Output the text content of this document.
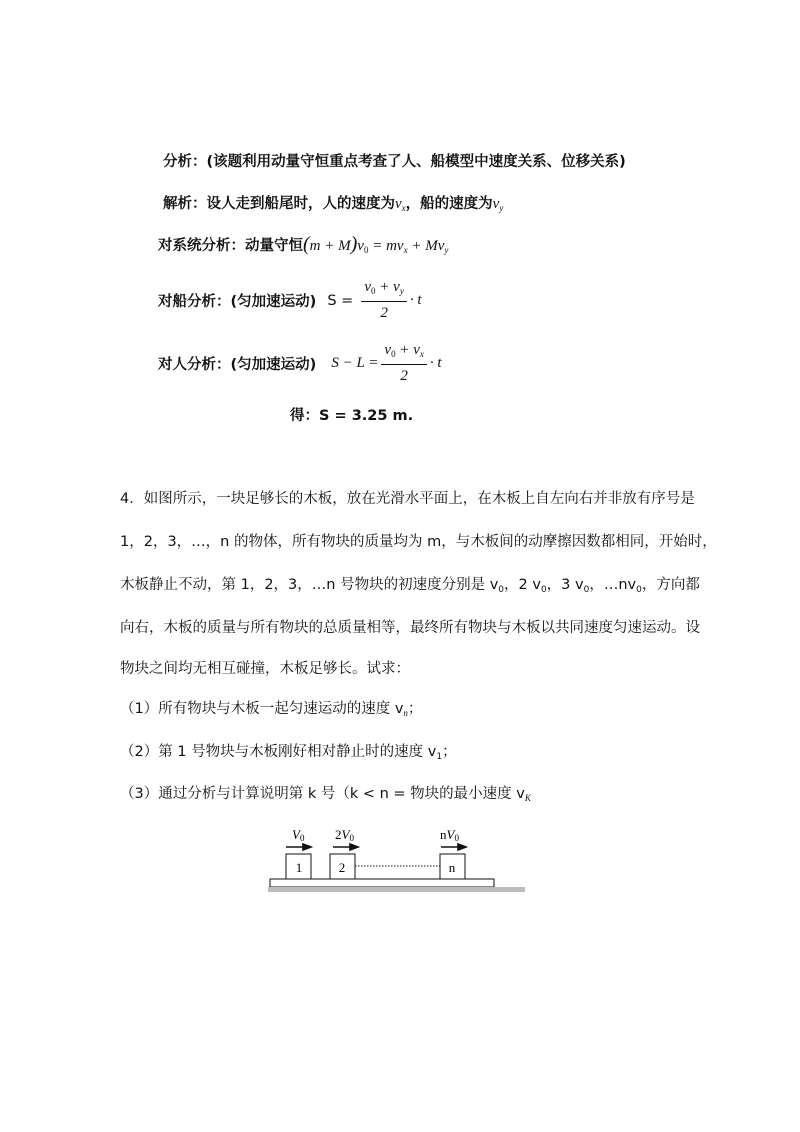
分析：(该题利用动量守恒重点考查了人、船模型中速度关系、位移关系)
解析：设人走到船尾时，人的速度为$v_x$，船的速度为$v_y$
对系统分析：动量守恒$(m + M)v_0 = mv_x + Mv_y$
对船分析：(匀加速运动) $S = \frac{v_0 + v_y}{2} \cdot t$
对人分析：(匀加速运动) $S - L = \frac{v_0 + v_x}{2} \cdot t$
得：S = 3.25 m.
4．如图所示，一块足够长的木板，放在光滑水平面上，在木板上自左向右并非放有序号是
1，2，3，…，n 的物体，所有物块的质量均为 m，与木板间的动摩擦因数都相同，开始时，
木板静止不动，第 1，2，3，…n 号物块的初速度分别是 $v_0$，2 $v_0$，3 $v_0$，$\dots nv_0$，方向都
向右，木板的质量与所有物块的总质量相等，最终所有物块与木板以共同速度匀速运动。设
物块之间均无相互碰撞，木板足够长。试求：
（1）所有物块与木板一起匀速运动的速度 $v_n$；
（2）第 1 号物块与木板刚好相对静止时的速度 $v_1$；
（3）通过分析与计算说明第 k 号（k < n = 物块的最小速度 $v_K$
V0 2V0	nV0
1	2	n
